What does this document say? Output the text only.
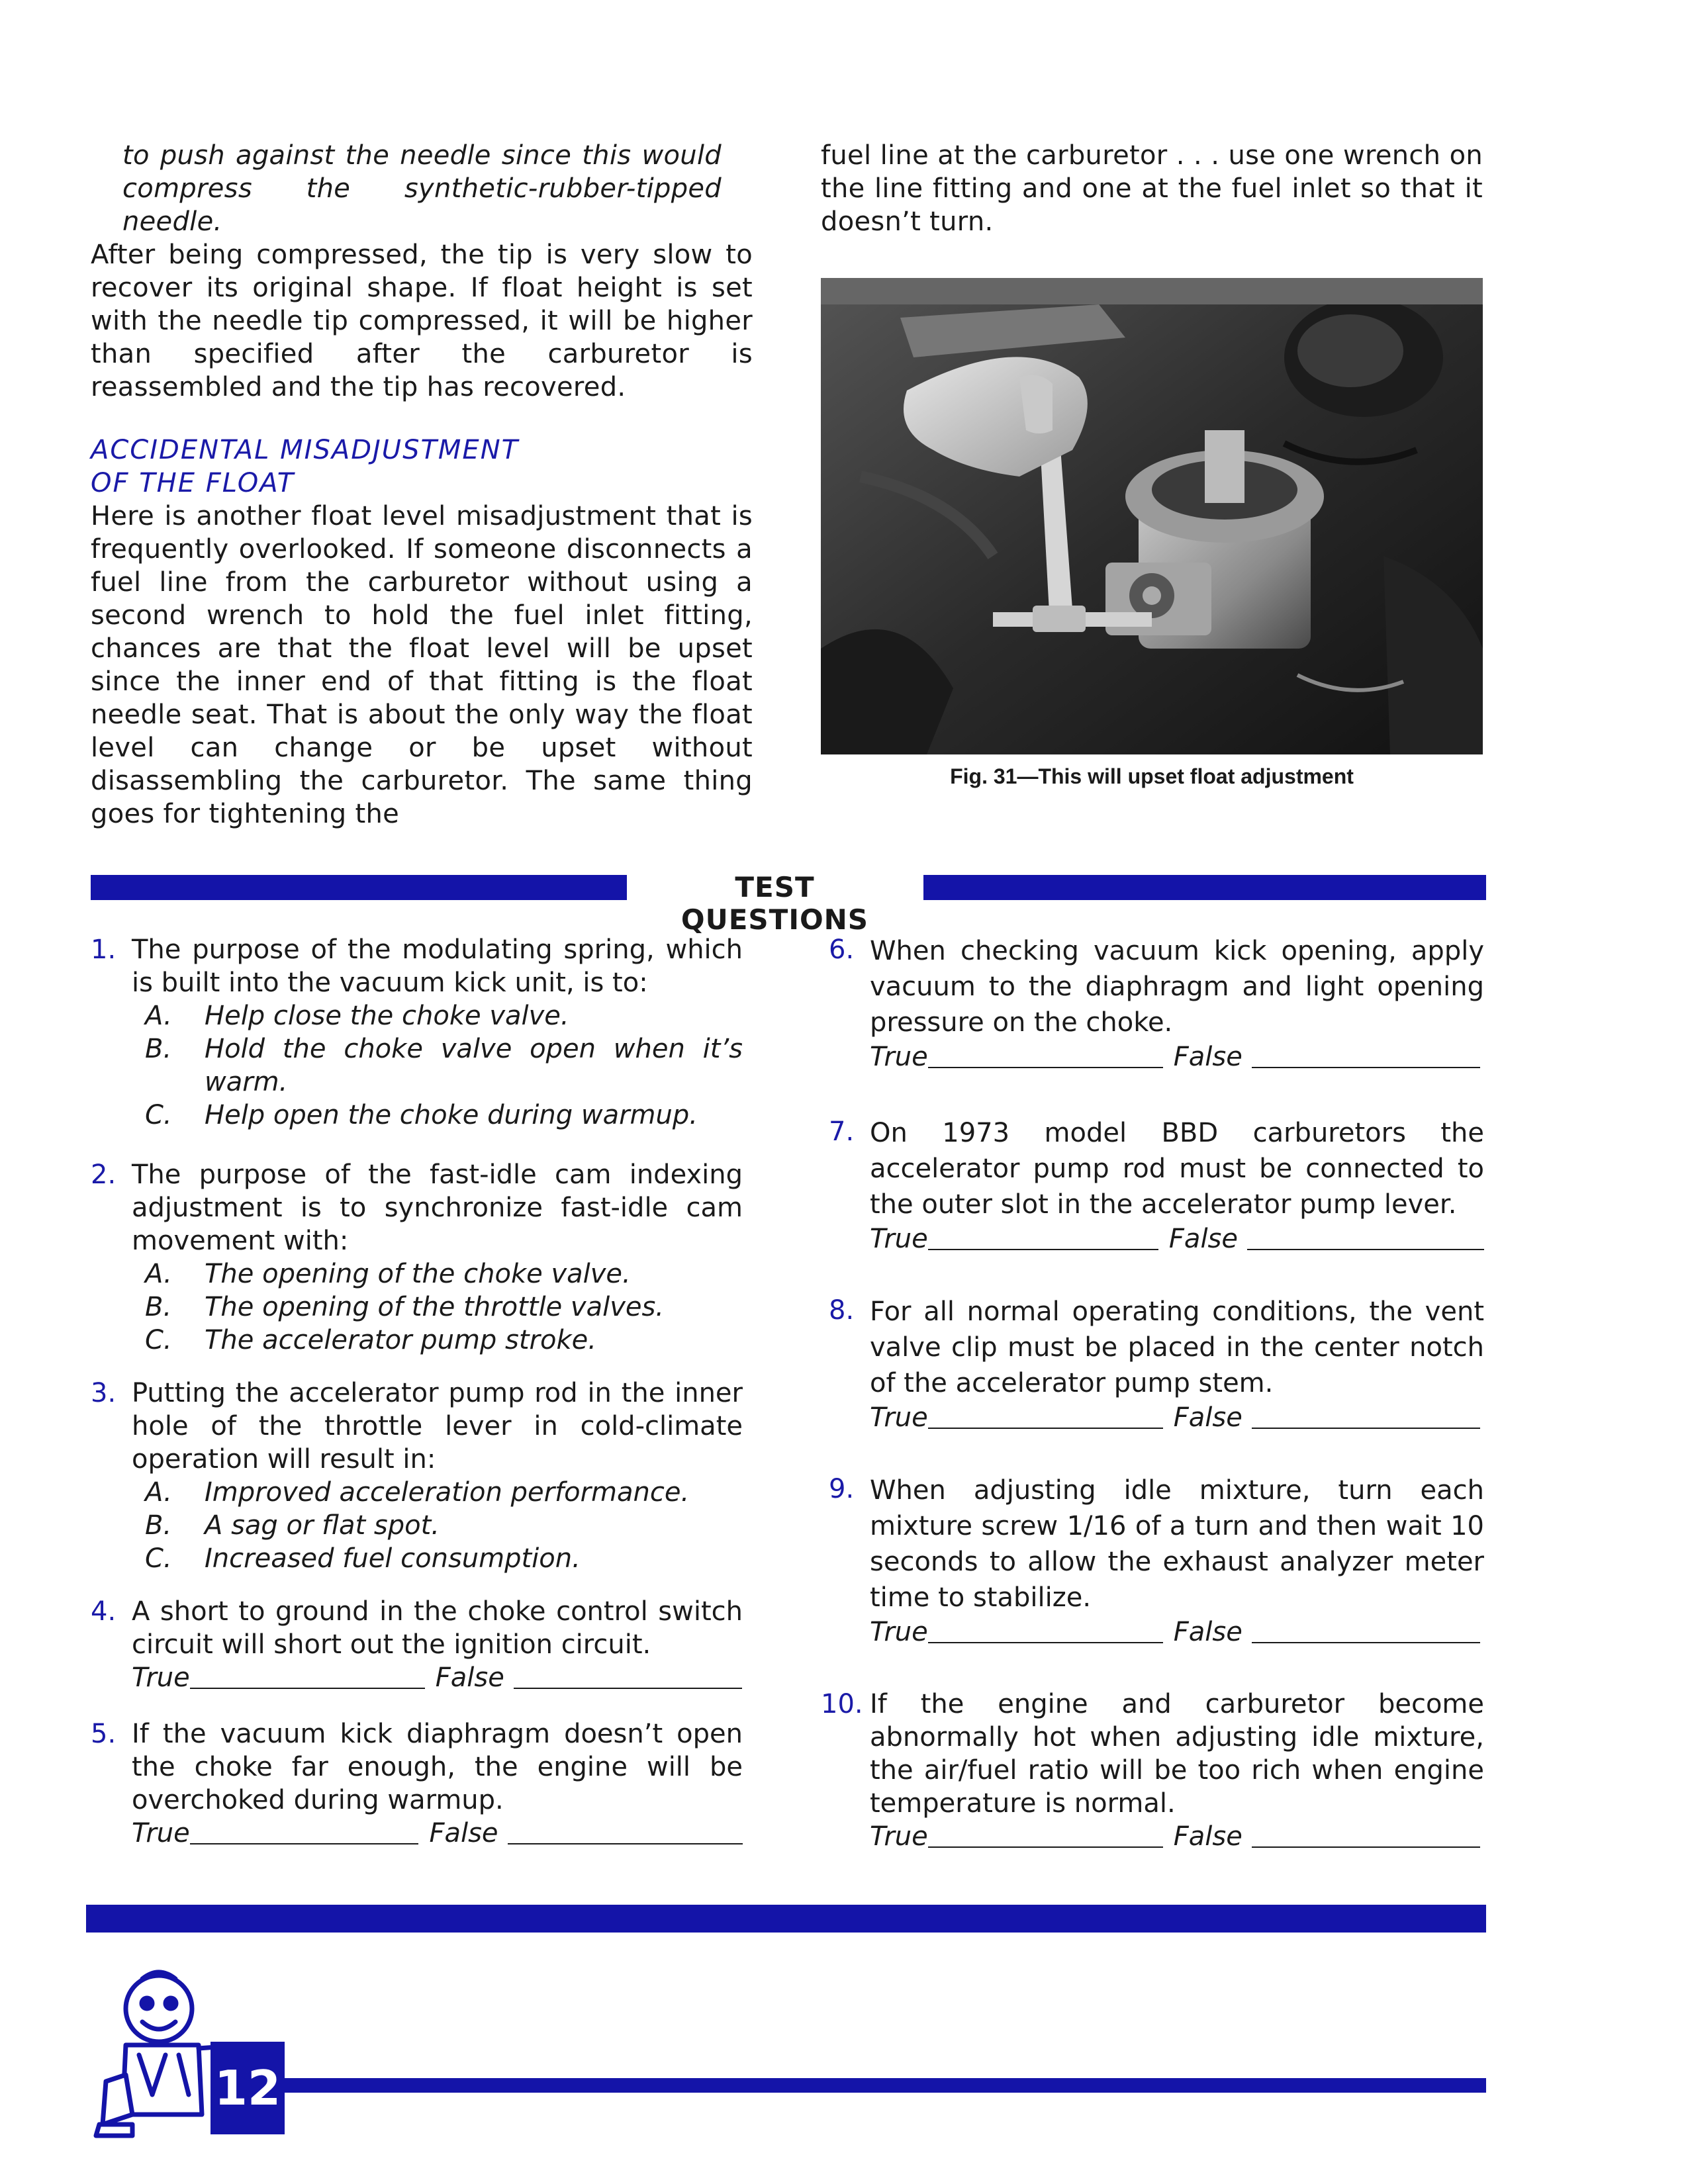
to push against the needle since this would compress the synthetic-rubber-tipped needle.
After being compressed, the tip is very slow to recover its original shape. If float height is set with the needle tip compressed, it will be higher than specified after the carburetor is reassembled and the tip has recovered.
ACCIDENTAL MISADJUSTMENT
OF THE FLOAT
Here is another float level misadjustment that is frequently overlooked. If someone disconnects a fuel line from the carburetor without using a second wrench to hold the fuel inlet fitting, chances are that the float level will be upset since the inner end of that fitting is the float needle seat. That is about the only way the float level can change or be upset without disassembling the carburetor. The same thing goes for tightening the
fuel line at the carburetor . . . use one wrench on the line fitting and one at the fuel inlet so that it doesn’t turn.
Fig. 31—This will upset float adjustment
TEST QUESTIONS
1. The purpose of the modulating spring, which is built into the vacuum kick unit, is to:
A.	Help close the choke valve.
B.	Hold the choke valve open when it’s warm.
C.	Help open the choke during warmup.
2. The purpose of the fast-idle cam indexing adjustment is to synchronize fast-idle cam movement with:
A.	The opening of the choke valve.
B.	The opening of the throttle valves.
C.	The accelerator pump stroke.
3. Putting the accelerator pump rod in the inner hole of the throttle lever in cold-climate operation will result in:
A.	Improved acceleration performance.
B.	A sag or flat spot.
C.	Increased fuel consumption.
4. A short to ground in the choke control switch circuit will short out the ignition circuit.
True	False
5. If the vacuum kick diaphragm doesn’t open the choke far enough, the engine will be overchoked during warmup.
True	False
6. When checking vacuum kick opening, apply vacuum to the diaphragm and light opening pressure on the choke.
True	False
7. On 1973 model BBD carburetors the accelerator pump rod must be connected to the outer slot in the accelerator pump lever.
True	False
8. For all normal operating conditions, the vent valve clip must be placed in the center notch of the accelerator pump stem.
True	False
9. When adjusting idle mixture, turn each mixture screw 1/16 of a turn and then wait 10 seconds to allow the exhaust analyzer meter time to stabilize.
True	False
10. If the engine and carburetor become abnormally hot when adjusting idle mixture, the air/fuel ratio will be too rich when engine temperature is normal.
True	False
12
